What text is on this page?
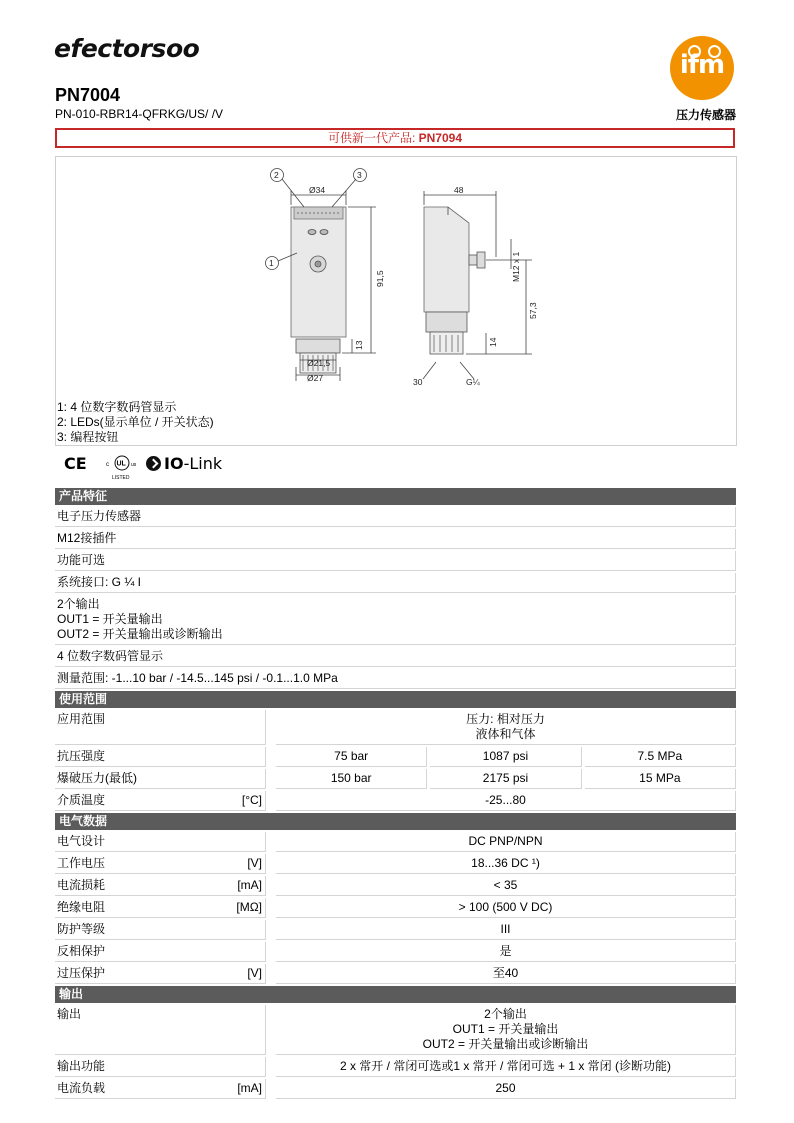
efectorsoo
ifm
PN7004
PN-010-RBR14-QFRKG/US/ /V	压力传感器
可供新一代产品: PN7094
2	3
1
Ø34
91,5
13
Ø21,5
Ø27
48
M12 x 1
57,3
14
30	G¼
1: 4 位数字数码管显示
2: LEDs(显示单位 / 开关状态)
3: 编程按钮
CE	c UL us
LISTED
IO-Link
产品特征
电子压力传感器
M12接插件
功能可选
系统接口: G ¼ I
2个输出
OUT1 = 开关量输出
OUT2 = 开关量输出或诊断输出
4 位数字数码管显示
测量范围: -1...10 bar / -14.5...145 psi / -0.1...1.0 MPa
使用范围
应用范围	压力: 相对压力
液体和气体
抗压强度	75 bar	1087 psi	7.5 MPa
爆破压力(最低)	150 bar	2175 psi	15 MPa
介质温度	[°C]	-25...80
电气数据
电气设计	DC PNP/NPN
工作电压	[V]	18...36 DC ¹)
电流损耗	[mA]	< 35
绝缘电阻	[MΩ]	> 100 (500 V DC)
防护等级	III
反相保护	是
过压保护	[V]	至40
输出
输出	2个输出
OUT1 = 开关量输出
OUT2 = 开关量输出或诊断输出
输出功能	2 x 常开 / 常闭可选或1 x 常开 / 常闭可选 + 1 x 常闭 (诊断功能)
电流负载	[mA]	250
